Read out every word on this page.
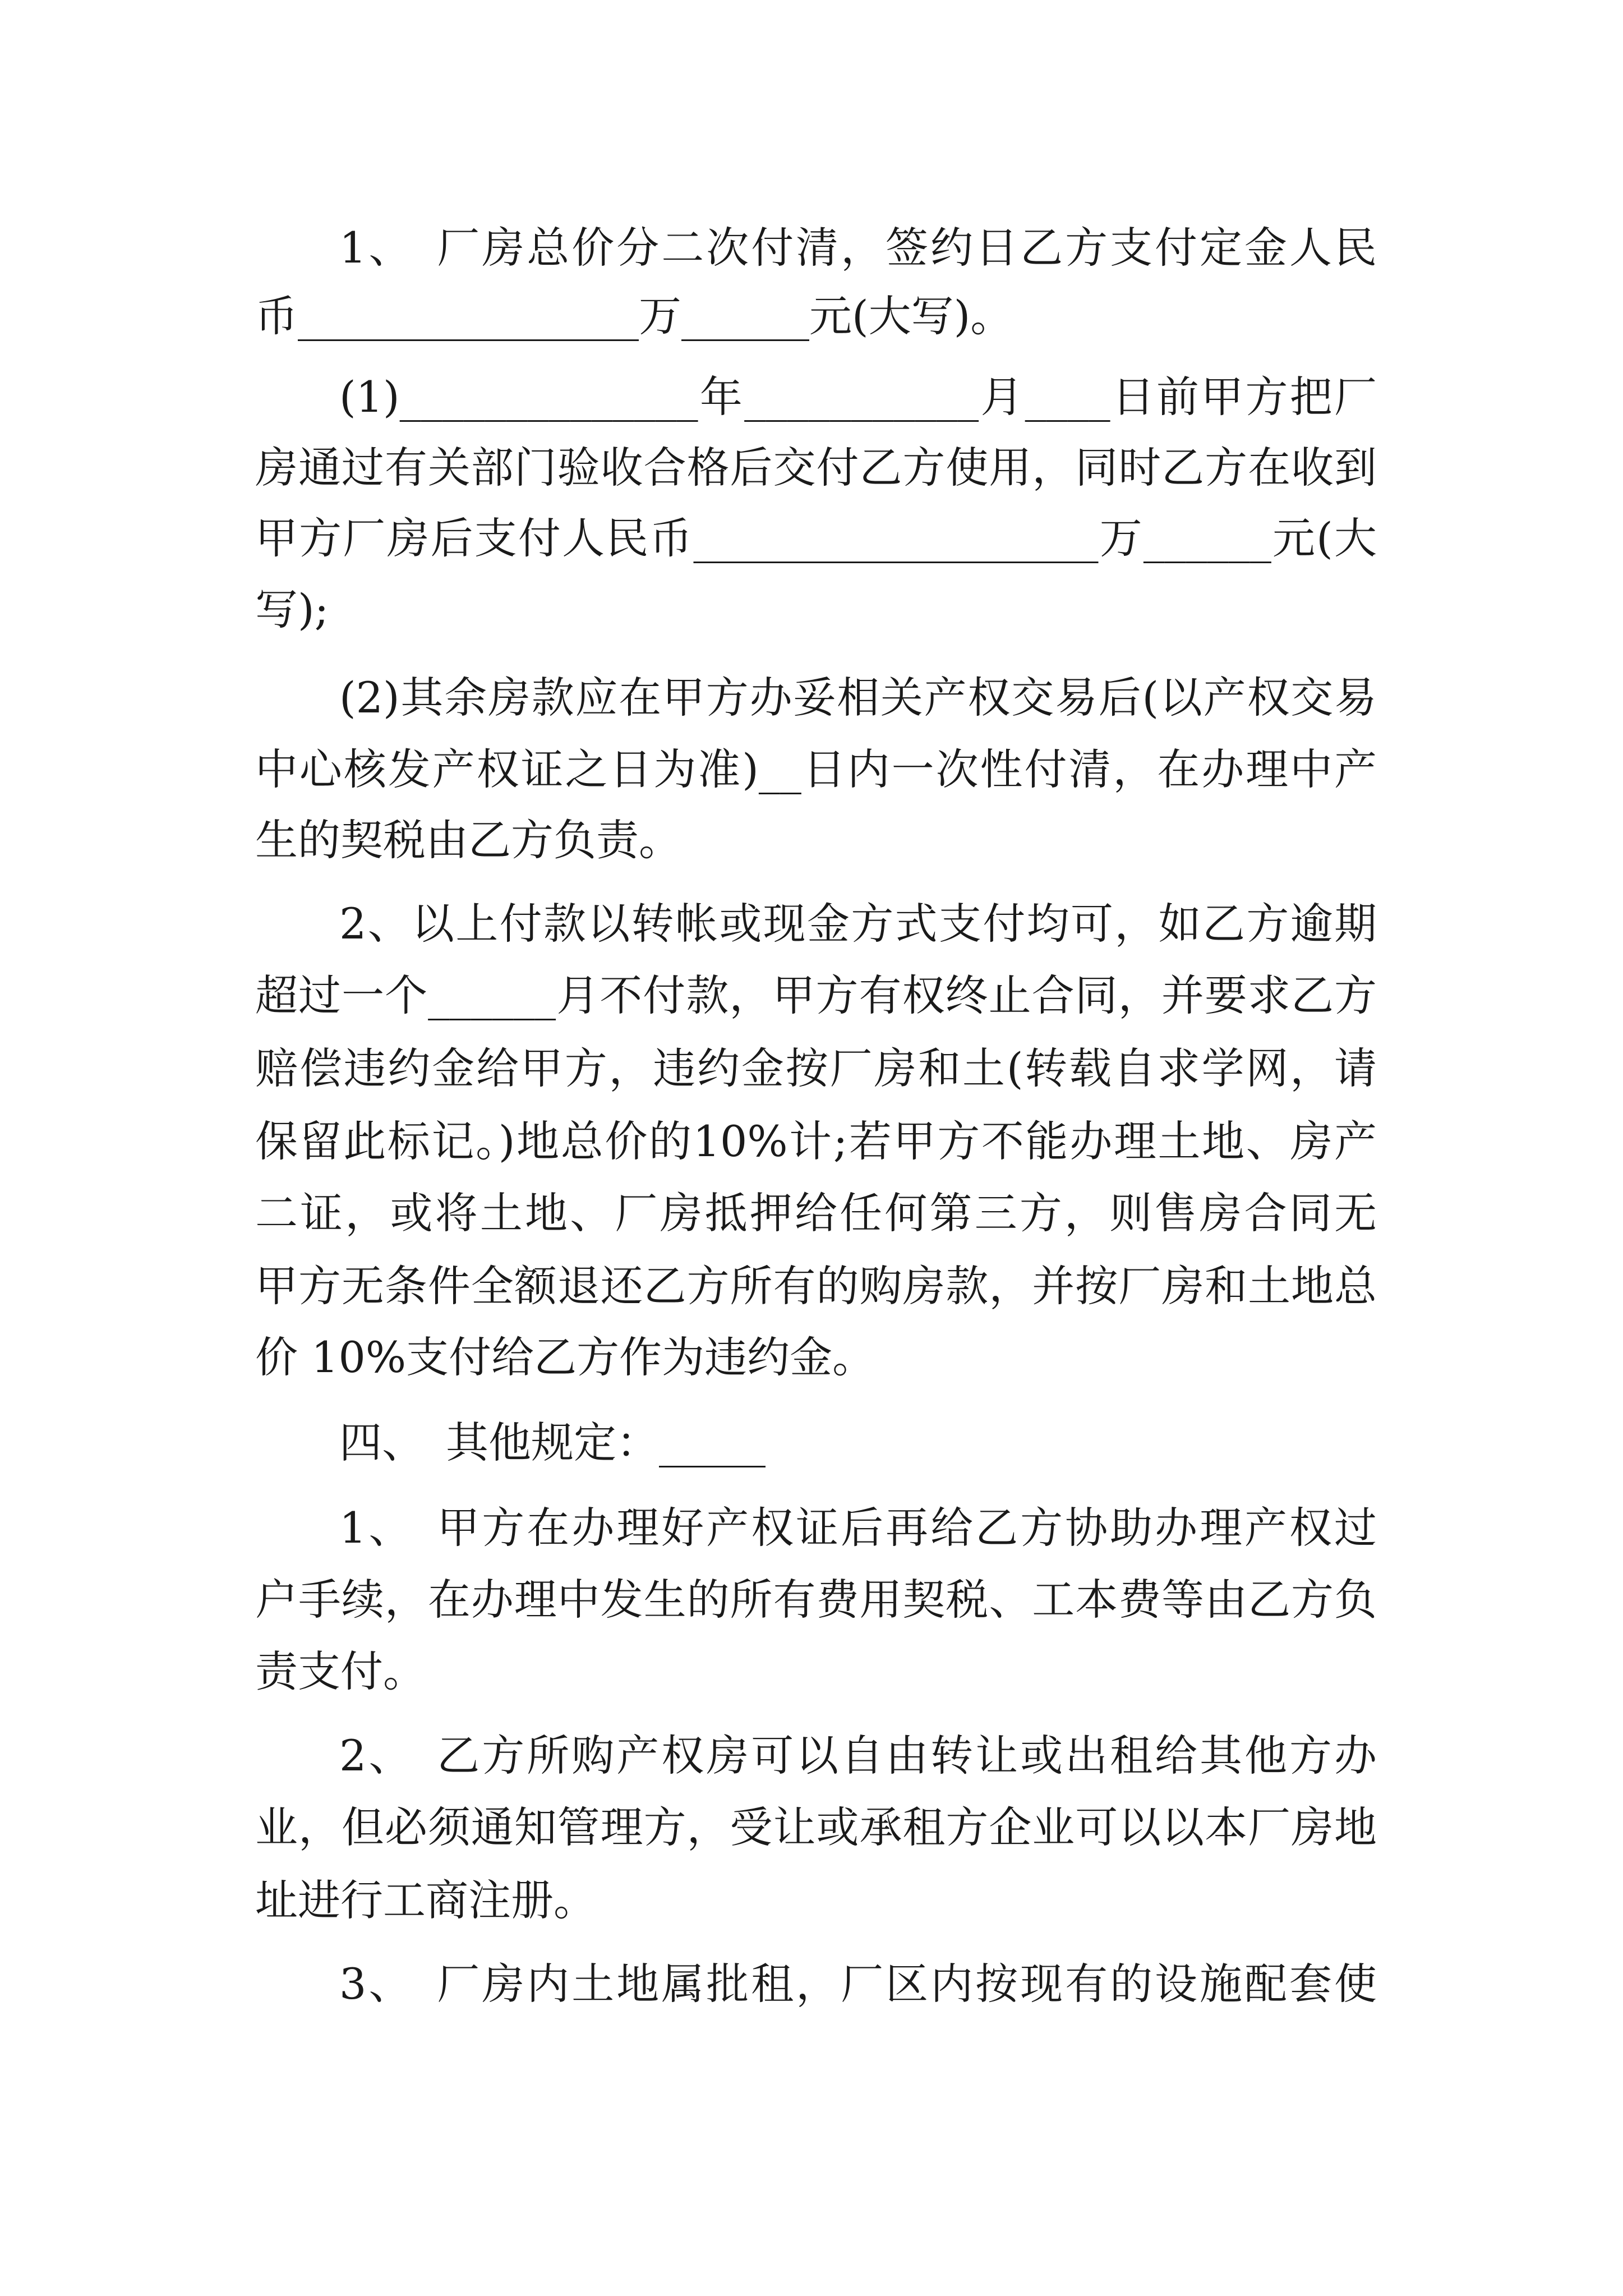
1、　厂房总价分二次付清，签约日乙方支付定金人民

币________________万______元(大写)。

(1)______________年___________月____日前甲方把厂

房通过有关部门验收合格后交付乙方使用，同时乙方在收到

甲方厂房后支付人民币___________________万______元(大

写);

(2)其余房款应在甲方办妥相关产权交易后(以产权交易

中心核发产权证之日为准)__日内一次性付清，在办理中产

生的契税由乙方负责。

2、以上付款以转帐或现金方式支付均可，如乙方逾期

超过一个______月不付款，甲方有权终止合同，并要求乙方

赔偿违约金给甲方，违约金按厂房和土(转载自求学网，请

保留此标记。)地总价的10%计;若甲方不能办理土地、房产

二证，或将土地、厂房抵押给任何第三方，则售房合同无

甲方无条件全额退还乙方所有的购房款，并按厂房和土地总

价 10%支付给乙方作为违约金。

四、　其他规定：_____

1、　甲方在办理好产权证后再给乙方协助办理产权过

户手续，在办理中发生的所有费用契税、工本费等由乙方负

责支付。

2、　乙方所购产权房可以自由转让或出租给其他方办

业，但必须通知管理方，受让或承租方企业可以以本厂房地

址进行工商注册。

3、　厂房内土地属批租，厂区内按现有的设施配套使
